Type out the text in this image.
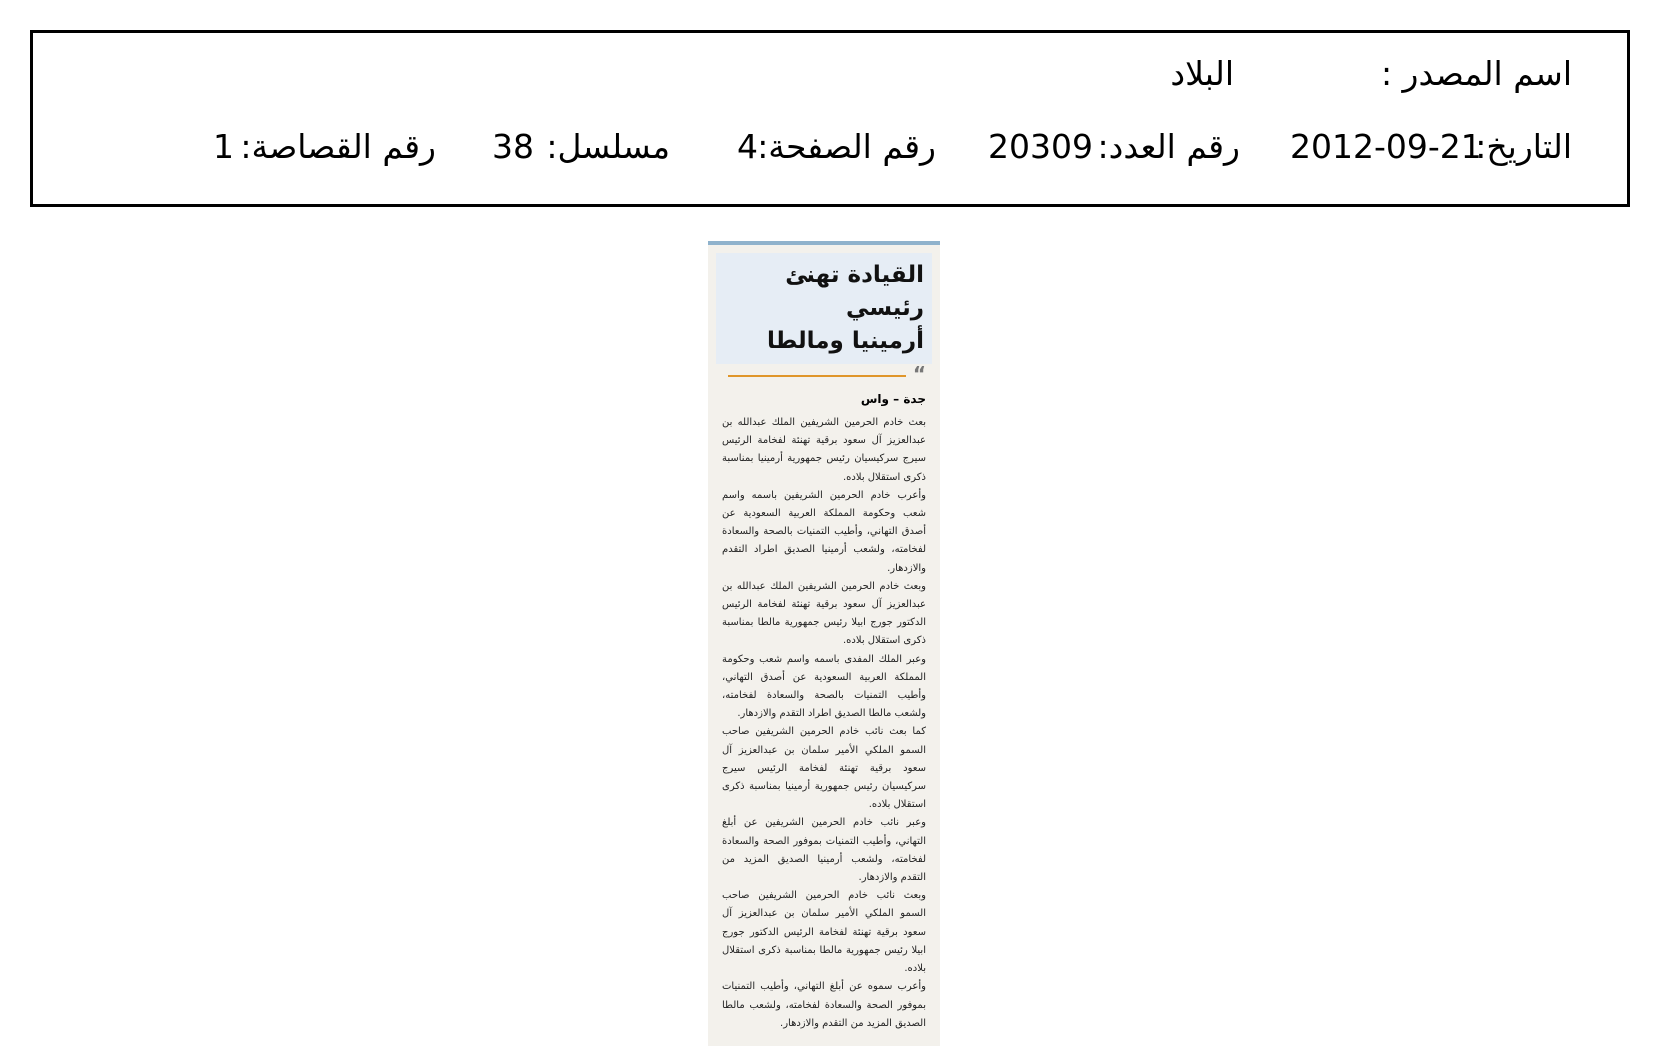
اسم المصدر :
البلاد
التاريخ:
2012-09-21
رقم العدد:
20309
رقم الصفحة:
4
مسلسل:
38
رقم القصاصة:
1

القيادة تهنئ رئيسي

أرمينيا ومالطا

“
جدة – واس

بعث خادم الحرمين الشريفين الملك عبدالله بن عبدالعزيز آل سعود برقية تهنئة لفخامة الرئيس سيرج سركيسيان رئيس جمهورية أرمينيا بمناسبة ذكرى استقلال بلاده.

وأعرب خادم الحرمين الشريفين باسمه واسم شعب وحكومة المملكة العربية السعودية عن أصدق التهاني، وأطيب التمنيات بالصحة والسعادة لفخامته، ولشعب أرمينيا الصديق اطراد التقدم والازدهار.

وبعث خادم الحرمين الشريفين الملك عبدالله بن عبدالعزيز آل سعود برقية تهنئة لفخامة الرئيس الدكتور جورج ابيلا رئيس جمهورية مالطا بمناسبة ذكرى استقلال بلاده.

وعبر الملك المفدى باسمه واسم شعب وحكومة المملكة العربية السعودية عن أصدق التهاني، وأطيب التمنيات بالصحة والسعادة لفخامته، ولشعب مالطا الصديق اطراد التقدم والازدهار.

كما بعث نائب خادم الحرمين الشريفين صاحب السمو الملكي الأمير سلمان بن عبدالعزيز آل سعود برقية تهنئة لفخامة الرئيس سيرج سركيسيان رئيس جمهورية أرمينيا بمناسبة ذكرى استقلال بلاده.

وعبر نائب خادم الحرمين الشريفين عن أبلغ التهاني، وأطيب التمنيات بموفور الصحة والسعادة لفخامته، ولشعب أرمينيا الصديق المزيد من التقدم والازدهار.

وبعث نائب خادم الحرمين الشريفين صاحب السمو الملكي الأمير سلمان بن عبدالعزيز آل سعود برقية تهنئة لفخامة الرئيس الدكتور جورج ابيلا رئيس جمهورية مالطا بمناسبة ذكرى استقلال بلاده.

وأعرب سموه عن أبلغ التهاني، وأطيب التمنيات بموفور الصحة والسعادة لفخامته، ولشعب مالطا الصديق المزيد من التقدم والازدهار.
